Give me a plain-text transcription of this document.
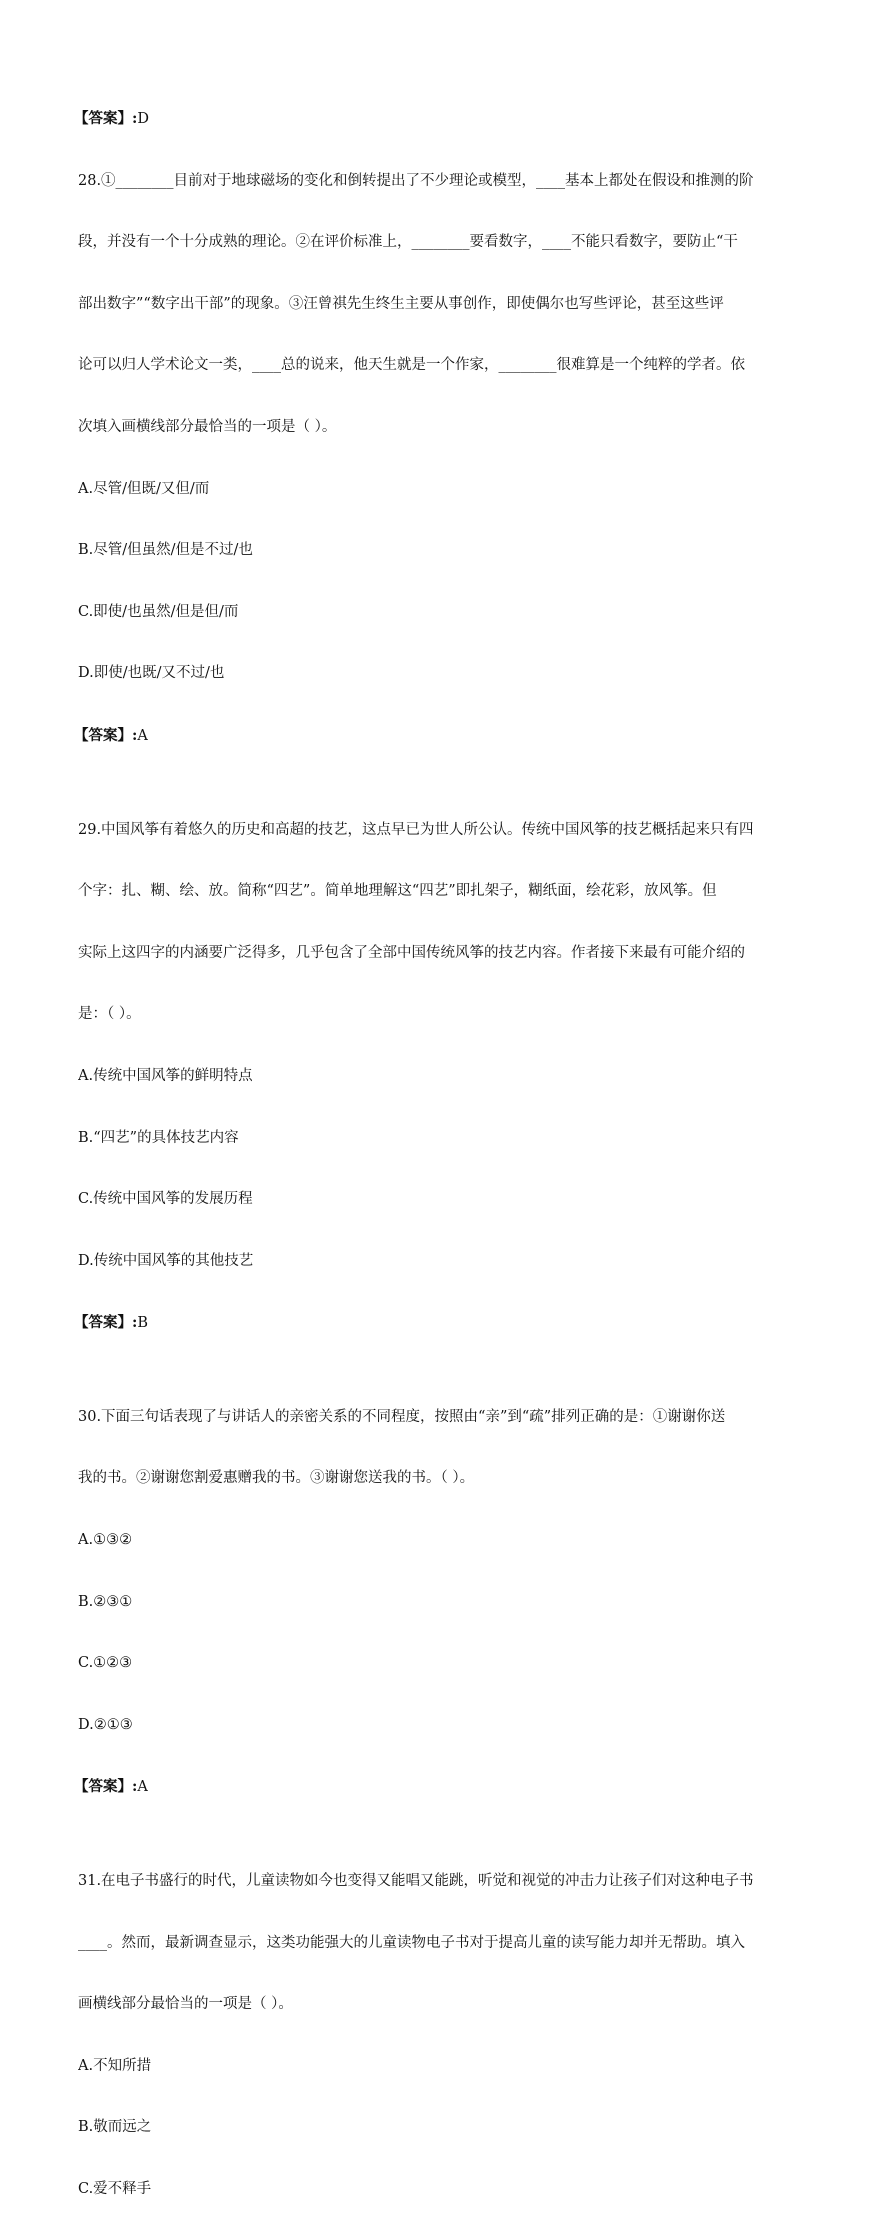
【答案】:D

28.①________目前对于地球磁场的变化和倒转提出了不少理论或模型，____基本上都处在假设和推测的阶

段，并没有一个十分成熟的理论。②在评价标准上，________要看数字，____不能只看数字，要防止“干

部出数字”“数字出干部”的现象。③汪曾祺先生终生主要从事创作，即使偶尔也写些评论，甚至这些评

论可以归人学术论文一类，____总的说来，他天生就是一个作家，________很难算是一个纯粹的学者。依

次填入画横线部分最恰当的一项是（ ）。

A.尽管/但既/又但/而

B.尽管/但虽然/但是不过/也

C.即使/也虽然/但是但/而

D.即使/也既/又不过/也

【答案】:A

29.中国风筝有着悠久的历史和高超的技艺，这点早已为世人所公认。传统中国风筝的技艺概括起来只有四

个字：扎、糊、绘、放。简称“四艺”。简单地理解这“四艺”即扎架子，糊纸面，绘花彩，放风筝。但

实际上这四字的内涵要广泛得多，几乎包含了全部中国传统风筝的技艺内容。作者接下来最有可能介绍的

是：（ ）。

A.传统中国风筝的鲜明特点

B.“四艺”的具体技艺内容

C.传统中国风筝的发展历程

D.传统中国风筝的其他技艺

【答案】:B

30.下面三句话表现了与讲话人的亲密关系的不同程度，按照由“亲”到“疏”排列正确的是：①谢谢你送

我的书。②谢谢您割爱惠赠我的书。③谢谢您送我的书。（ ）。

A.①③②

B.②③①

C.①②③

D.②①③

【答案】:A

31.在电子书盛行的时代，儿童读物如今也变得又能唱又能跳，听觉和视觉的冲击力让孩子们对这种电子书

____。然而，最新调查显示，这类功能强大的儿童读物电子书对于提高儿童的读写能力却并无帮助。填入

画横线部分最恰当的一项是（ ）。

A.不知所措

B.敬而远之

C.爱不释手
